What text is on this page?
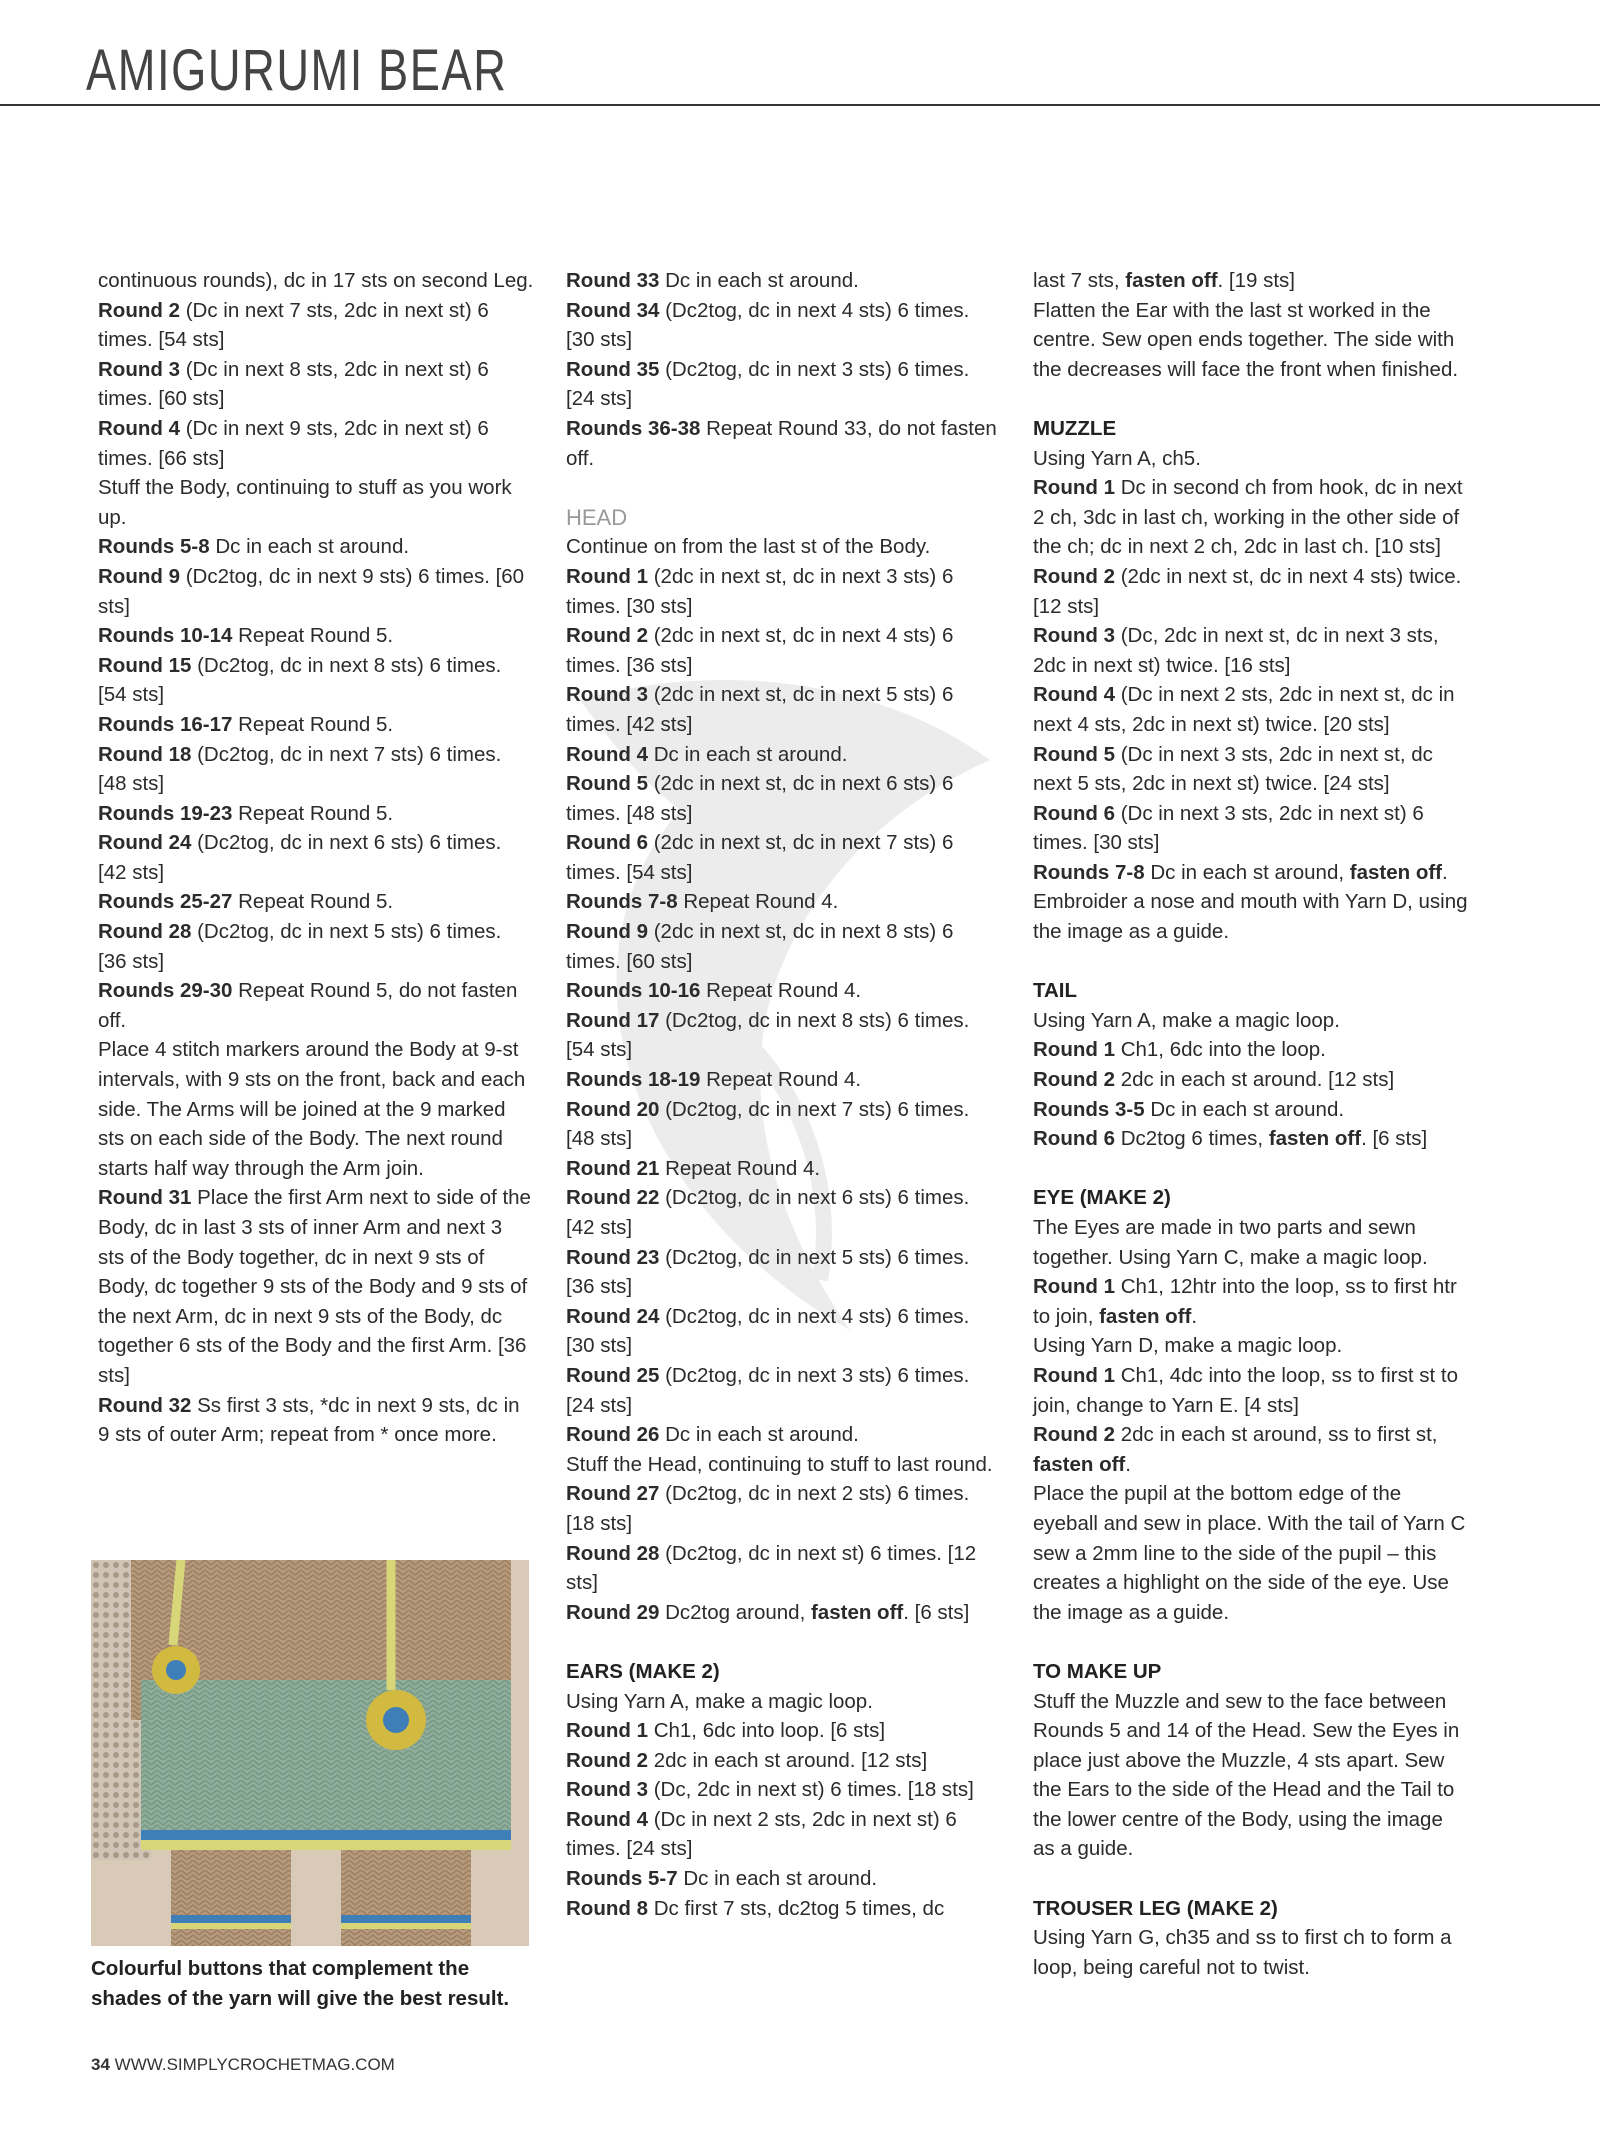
AMIGURUMI BEAR

continuous rounds), dc in 17 sts on second Leg.

Round 2 (Dc in next 7 sts, 2dc in next st) 6 times. [54 sts]

Round 3 (Dc in next 8 sts, 2dc in next st) 6 times. [60 sts]

Round 4 (Dc in next 9 sts, 2dc in next st) 6 times. [66 sts]

Stuff the Body, continuing to stuff as you work up.

Rounds 5-8 Dc in each st around.

Round 9 (Dc2tog, dc in next 9 sts) 6 times. [60 sts]

Rounds 10-14 Repeat Round 5.

Round 15 (Dc2tog, dc in next 8 sts) 6 times. [54 sts]

Rounds 16-17 Repeat Round 5.

Round 18 (Dc2tog, dc in next 7 sts) 6 times. [48 sts]

Rounds 19-23 Repeat Round 5.

Round 24 (Dc2tog, dc in next 6 sts) 6 times. [42 sts]

Rounds 25-27 Repeat Round 5.

Round 28 (Dc2tog, dc in next 5 sts) 6 times. [36 sts]

Rounds 29-30 Repeat Round 5, do not fasten off.

Place 4 stitch markers around the Body at 9-st intervals, with 9 sts on the front, back and each side. The Arms will be joined at the 9 marked sts on each side of the Body. The next round starts half way through the Arm join.

Round 31 Place the first Arm next to side of the Body, dc in last 3 sts of inner Arm and next 3 sts of the Body together, dc in next 9 sts of Body, dc together 9 sts of the Body and 9 sts of the next Arm, dc in next 9 sts of the Body, dc together 6 sts of the Body and the first Arm. [36 sts]

Round 32 Ss first 3 sts, *dc in next 9 sts, dc in 9 sts of outer Arm; repeat from * once more.

Round 33 Dc in each st around.

Round 34 (Dc2tog, dc in next 4 sts) 6 times. [30 sts]

Round 35 (Dc2tog, dc in next 3 sts) 6 times. [24 sts]

Rounds 36-38 Repeat Round 33, do not fasten off.

HEAD

Continue on from the last st of the Body.

Round 1 (2dc in next st, dc in next 3 sts) 6 times. [30 sts]

Round 2 (2dc in next st, dc in next 4 sts) 6 times. [36 sts]

Round 3 (2dc in next st, dc in next 5 sts) 6 times. [42 sts]

Round 4 Dc in each st around.

Round 5 (2dc in next st, dc in next 6 sts) 6 times. [48 sts]

Round 6 (2dc in next st, dc in next 7 sts) 6 times. [54 sts]

Rounds 7-8 Repeat Round 4.

Round 9 (2dc in next st, dc in next 8 sts) 6 times. [60 sts]

Rounds 10-16 Repeat Round 4.

Round 17 (Dc2tog, dc in next 8 sts) 6 times. [54 sts]

Rounds 18-19 Repeat Round 4.

Round 20 (Dc2tog, dc in next 7 sts) 6 times. [48 sts]

Round 21 Repeat Round 4.

Round 22 (Dc2tog, dc in next 6 sts) 6 times. [42 sts]

Round 23 (Dc2tog, dc in next 5 sts) 6 times. [36 sts]

Round 24 (Dc2tog, dc in next 4 sts) 6 times. [30 sts]

Round 25 (Dc2tog, dc in next 3 sts) 6 times. [24 sts]

Round 26 Dc in each st around.

Stuff the Head, continuing to stuff to last round.

Round 27 (Dc2tog, dc in next 2 sts) 6 times. [18 sts]

Round 28 (Dc2tog, dc in next st) 6 times. [12 sts]

Round 29 Dc2tog around, fasten off. [6 sts]

EARS (MAKE 2)

Using Yarn A, make a magic loop.

Round 1 Ch1, 6dc into loop. [6 sts]

Round 2 2dc in each st around. [12 sts]

Round 3 (Dc, 2dc in next st) 6 times. [18 sts]

Round 4 (Dc in next 2 sts, 2dc in next st) 6 times. [24 sts]

Rounds 5-7 Dc in each st around.

Round 8 Dc first 7 sts, dc2tog 5 times, dc

last 7 sts, fasten off. [19 sts]

Flatten the Ear with the last st worked in the centre. Sew open ends together. The side with the decreases will face the front when finished.

MUZZLE

Using Yarn A, ch5.

Round 1 Dc in second ch from hook, dc in next 2 ch, 3dc in last ch, working in the other side of the ch; dc in next 2 ch, 2dc in last ch. [10 sts]

Round 2 (2dc in next st, dc in next 4 sts) twice. [12 sts]

Round 3 (Dc, 2dc in next st, dc in next 3 sts, 2dc in next st) twice. [16 sts]

Round 4 (Dc in next 2 sts, 2dc in next st, dc in next 4 sts, 2dc in next st) twice. [20 sts]

Round 5 (Dc in next 3 sts, 2dc in next st, dc next 5 sts, 2dc in next st) twice. [24 sts]

Round 6 (Dc in next 3 sts, 2dc in next st) 6 times. [30 sts]

Rounds 7-8 Dc in each st around, fasten off.

Embroider a nose and mouth with Yarn D, using the image as a guide.

TAIL

Using Yarn A, make a magic loop.

Round 1 Ch1, 6dc into the loop.

Round 2 2dc in each st around. [12 sts]

Rounds 3-5 Dc in each st around.

Round 6 Dc2tog 6 times, fasten off. [6 sts]

EYE (MAKE 2)

The Eyes are made in two parts and sewn together. Using Yarn C, make a magic loop.

Round 1 Ch1, 12htr into the loop, ss to first htr to join, fasten off.

Using Yarn D, make a magic loop.

Round 1 Ch1, 4dc into the loop, ss to first st to join, change to Yarn E. [4 sts]

Round 2 2dc in each st around, ss to first st, fasten off.

Place the pupil at the bottom edge of the eyeball and sew in place. With the tail of Yarn C sew a 2mm line to the side of the pupil – this creates a highlight on the side of the eye. Use the image as a guide.

TO MAKE UP

Stuff the Muzzle and sew to the face between Rounds 5 and 14 of the Head. Sew the Eyes in place just above the Muzzle, 4 sts apart. Sew the Ears to the side of the Head and the Tail to the lower centre of the Body, using the image as a guide.

TROUSER LEG (MAKE 2)

Using Yarn G, ch35 and ss to first ch to form a loop, being careful not to twist.

Colourful buttons that complement the shades of the yarn will give the best result.
34 WWW.SIMPLYCROCHETMAG.COM
